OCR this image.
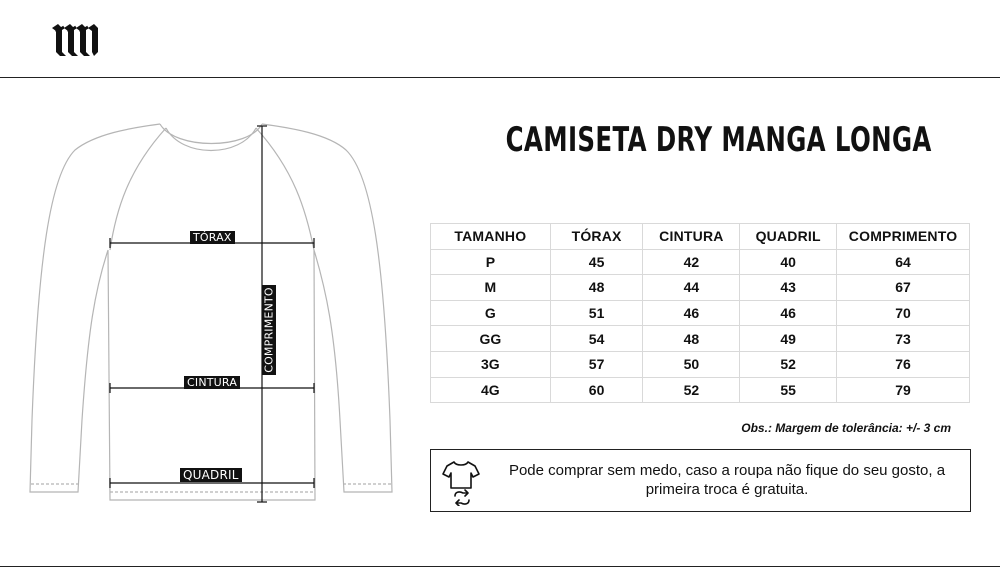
TÓRAX
CINTURA
QUADRIL
COMPRIMENTO
CAMISETA DRY MANGA LONGA
TAMANHO	TÓRAX	CINTURA	QUADRIL	COMPRIMENTO
P	45	42	40	64
M	48	44	43	67
G	51	46	46	70
GG	54	48	49	73
3G	57	50	52	76
4G	60	52	55	79
Obs.: Margem de tolerância: +/- 3 cm
Pode comprar sem medo, caso a roupa não fique do seu gosto, a primeira troca é gratuita.
